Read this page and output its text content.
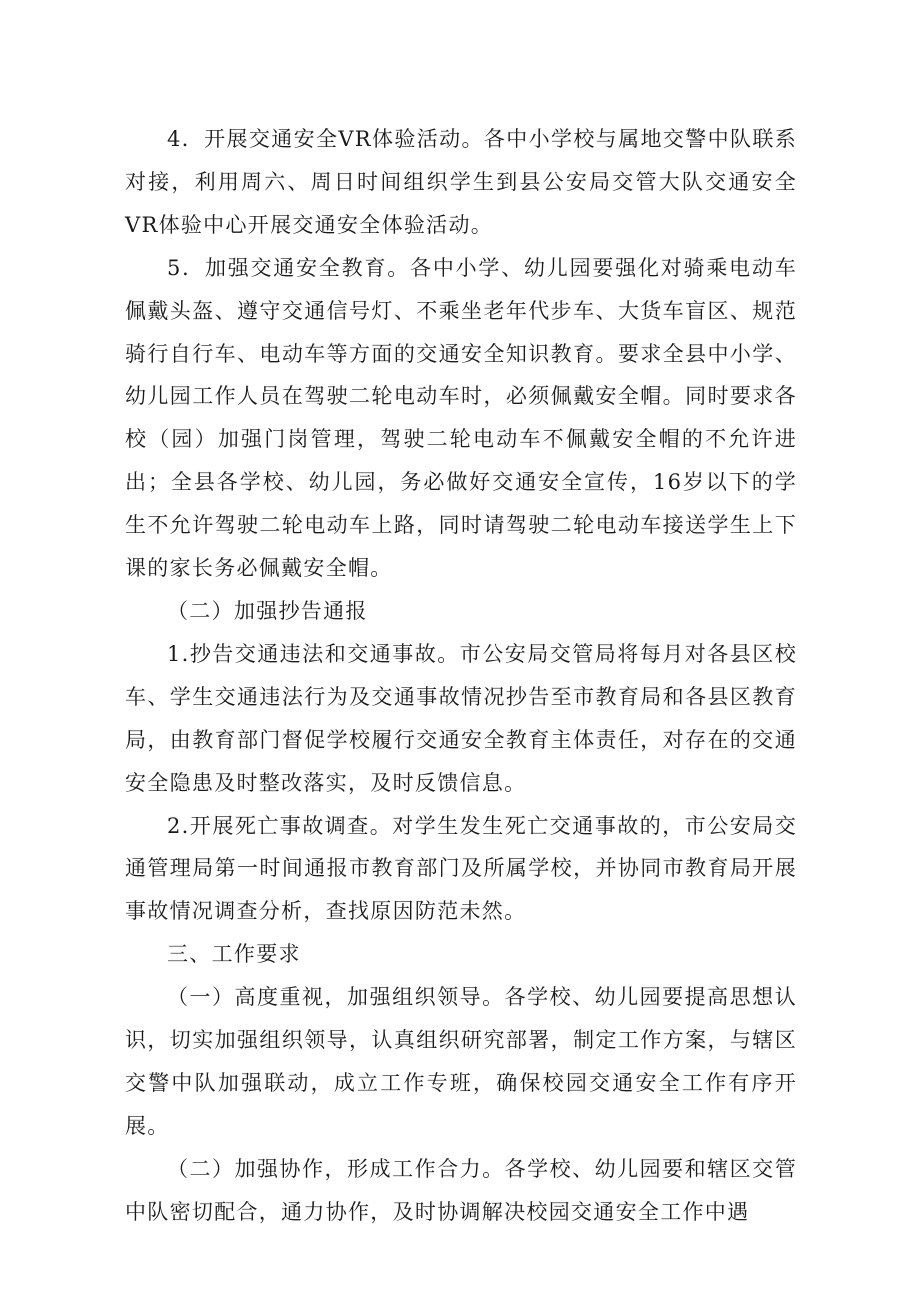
4．开展交通安全VR体验活动。各中小学校与属地交警中队联系对接，利用周六、周日时间组织学生到县公安局交管大队交通安全VR体验中心开展交通安全体验活动。

5．加强交通安全教育。各中小学、幼儿园要强化对骑乘电动车佩戴头盔、遵守交通信号灯、不乘坐老年代步车、大货车盲区、规范骑行自行车、电动车等方面的交通安全知识教育。要求全县中小学、幼儿园工作人员在驾驶二轮电动车时，必须佩戴安全帽。同时要求各校（园）加强门岗管理，驾驶二轮电动车不佩戴安全帽的不允许进出；全县各学校、幼儿园，务必做好交通安全宣传，16岁以下的学生不允许驾驶二轮电动车上路，同时请驾驶二轮电动车接送学生上下课的家长务必佩戴安全帽。

（二）加强抄告通报

1.抄告交通违法和交通事故。市公安局交管局将每月对各县区校车、学生交通违法行为及交通事故情况抄告至市教育局和各县区教育局，由教育部门督促学校履行交通安全教育主体责任，对存在的交通安全隐患及时整改落实，及时反馈信息。

2.开展死亡事故调查。对学生发生死亡交通事故的，市公安局交通管理局第一时间通报市教育部门及所属学校，并协同市教育局开展事故情况调查分析，查找原因防范未然。

三、工作要求

（一）高度重视，加强组织领导。各学校、幼儿园要提高思想认识，切实加强组织领导，认真组织研究部署，制定工作方案，与辖区交警中队加强联动，成立工作专班，确保校园交通安全工作有序开展。

（二）加强协作，形成工作合力。各学校、幼儿园要和辖区交管中队密切配合，通力协作，及时协调解决校园交通安全工作中遇
